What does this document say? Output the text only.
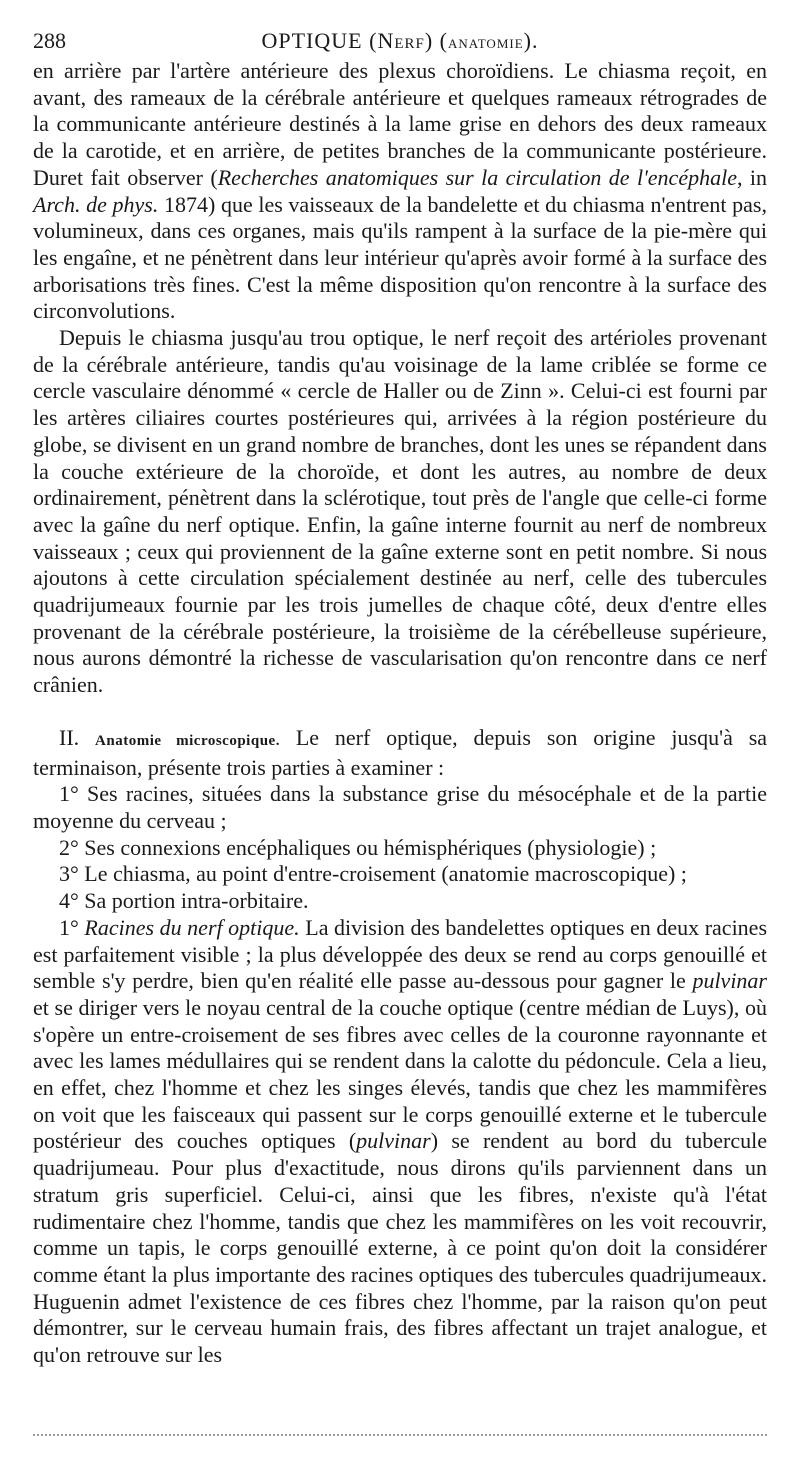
288	OPTIQUE (Nerf) (anatomie).

en arrière par l'artère antérieure des plexus choroïdiens. Le chiasma reçoit, en avant, des rameaux de la cérébrale antérieure et quelques rameaux rétrogrades de la communicante antérieure destinés à la lame grise en dehors des deux rameaux de la carotide, et en arrière, de petites branches de la communicante postérieure. Duret fait observer (Recherches anatomiques sur la circulation de l'encéphale, in Arch. de phys. 1874) que les vaisseaux de la bandelette et du chiasma n'entrent pas, volumineux, dans ces organes, mais qu'ils rampent à la surface de la pie-mère qui les engaîne, et ne pénètrent dans leur intérieur qu'après avoir formé à la surface des arborisations très fines. C'est la même disposition qu'on rencontre à la surface des circonvolutions.

Depuis le chiasma jusqu'au trou optique, le nerf reçoit des artérioles provenant de la cérébrale antérieure, tandis qu'au voisinage de la lame criblée se forme ce cercle vasculaire dénommé « cercle de Haller ou de Zinn ». Celui-ci est fourni par les artères ciliaires courtes postérieures qui, arrivées à la région postérieure du globe, se divisent en un grand nombre de branches, dont les unes se répandent dans la couche extérieure de la choroïde, et dont les autres, au nombre de deux ordinairement, pénètrent dans la sclérotique, tout près de l'angle que celle-ci forme avec la gaîne du nerf optique. Enfin, la gaîne interne fournit au nerf de nombreux vaisseaux ; ceux qui proviennent de la gaîne externe sont en petit nombre. Si nous ajoutons à cette circulation spécialement destinée au nerf, celle des tubercules quadrijumeaux fournie par les trois jumelles de chaque côté, deux d'entre elles provenant de la cérébrale postérieure, la troisième de la cérébelleuse supérieure, nous aurons démontré la richesse de vascularisation qu'on rencontre dans ce nerf crânien.

II. Anatomie microscopique. Le nerf optique, depuis son origine jusqu'à sa terminaison, présente trois parties à examiner :

1° Ses racines, situées dans la substance grise du mésocéphale et de la partie moyenne du cerveau ;

2° Ses connexions encéphaliques ou hémisphériques (physiologie) ;

3° Le chiasma, au point d'entre-croisement (anatomie macroscopique) ;

4° Sa portion intra-orbitaire.

1° Racines du nerf optique. La division des bandelettes optiques en deux racines est parfaitement visible ; la plus développée des deux se rend au corps genouillé et semble s'y perdre, bien qu'en réalité elle passe au-dessous pour gagner le pulvinar et se diriger vers le noyau central de la couche optique (centre médian de Luys), où s'opère un entre-croisement de ses fibres avec celles de la couronne rayonnante et avec les lames médullaires qui se rendent dans la calotte du pédoncule. Cela a lieu, en effet, chez l'homme et chez les singes élevés, tandis que chez les mammifères on voit que les faisceaux qui passent sur le corps genouillé externe et le tubercule postérieur des couches optiques (pulvinar) se rendent au bord du tubercule quadrijumeau. Pour plus d'exactitude, nous dirons qu'ils parviennent dans un stratum gris superficiel. Celui-ci, ainsi que les fibres, n'existe qu'à l'état rudimentaire chez l'homme, tandis que chez les mammifères on les voit recouvrir, comme un tapis, le corps genouillé externe, à ce point qu'on doit la considérer comme étant la plus importante des racines optiques des tubercules quadrijumeaux. Huguenin admet l'existence de ces fibres chez l'homme, par la raison qu'on peut démontrer, sur le cerveau humain frais, des fibres affectant un trajet analogue, et qu'on retrouve sur les
